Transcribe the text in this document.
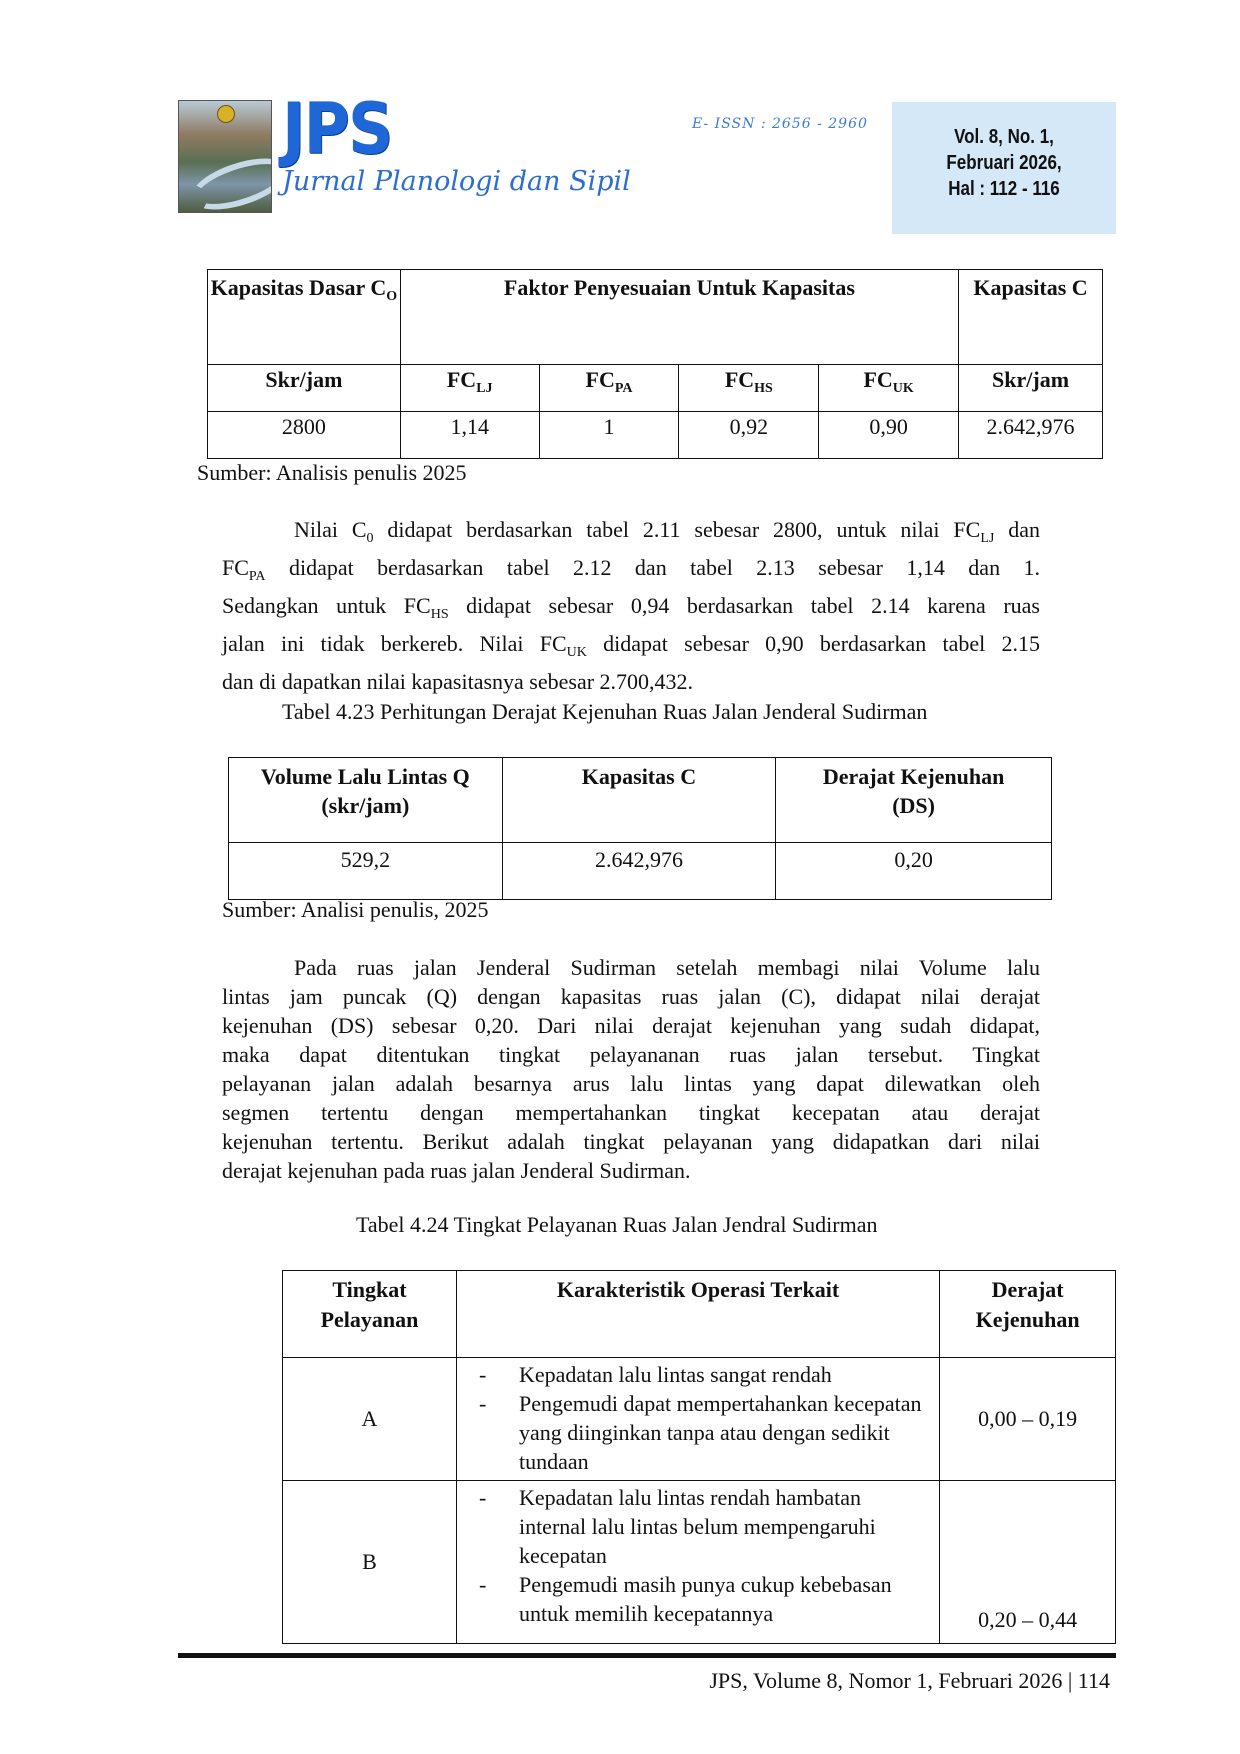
JPS
Jurnal Planologi dan Sipil
E- ISSN : 2656 - 2960
Vol. 8, No. 1,
Februari 2026,
Hal : 112 - 116
Kapasitas Dasar $C_O$	Faktor Penyesuaian Untuk Kapasitas				Kapasitas C
Skr/jam	$FC_{LJ}$	$FC_{PA}$	$FC_{HS}$	$FC_{UK}$	Skr/jam
2800	1,14	1	0,92	0,90	2.642,976
Sumber: Analisis penulis 2025
Nilai $C_0$ didapat berdasarkan tabel 2.11 sebesar 2800, untuk nilai $FC_{LJ}$ dan
$FC_{PA}$ didapat berdasarkan tabel 2.12 dan tabel 2.13 sebesar 1,14 dan 1.
Sedangkan untuk $FC_{HS}$ didapat sebesar 0,94 berdasarkan tabel 2.14 karena ruas
jalan ini tidak berkereb. Nilai $FC_{UK}$ didapat sebesar 0,90 berdasarkan tabel 2.15
dan di dapatkan nilai kapasitasnya sebesar 2.700,432.
Tabel 4.23 Perhitungan Derajat Kejenuhan Ruas Jalan Jenderal Sudirman
Volume Lalu Lintas Q (skr/jam)	Kapasitas C	Derajat Kejenuhan (DS)
529,2	2.642,976	0,20
Sumber: Analisi penulis, 2025
Pada ruas jalan Jenderal Sudirman setelah membagi nilai Volume lalu
lintas jam puncak (Q) dengan kapasitas ruas jalan (C), didapat nilai derajat
kejenuhan (DS) sebesar 0,20. Dari nilai derajat kejenuhan yang sudah didapat,
maka dapat ditentukan tingkat pelayananan ruas jalan tersebut. Tingkat
pelayanan jalan adalah besarnya arus lalu lintas yang dapat dilewatkan oleh
segmen tertentu dengan mempertahankan tingkat kecepatan atau derajat
kejenuhan tertentu. Berikut adalah tingkat pelayanan yang didapatkan dari nilai
derajat kejenuhan pada ruas jalan Jenderal Sudirman.
Tabel 4.24 Tingkat Pelayanan Ruas Jalan Jendral Sudirman
Tingkat Pelayanan	Karakteristik Operasi Terkait	Derajat Kejenuhan
A	- Kepadatan lalu lintas sangat rendah
- Pengemudi dapat mempertahankan kecepatan yang diinginkan tanpa atau dengan sedikit tundaan	0,00 – 0,19
B	- Kepadatan lalu lintas rendah hambatan internal lalu lintas belum mempengaruhi kecepatan
- Pengemudi masih punya cukup kebebasan untuk memilih kecepatannya	0,20 – 0,44
JPS, Volume 8, Nomor 1, Februari 2026 | 114
